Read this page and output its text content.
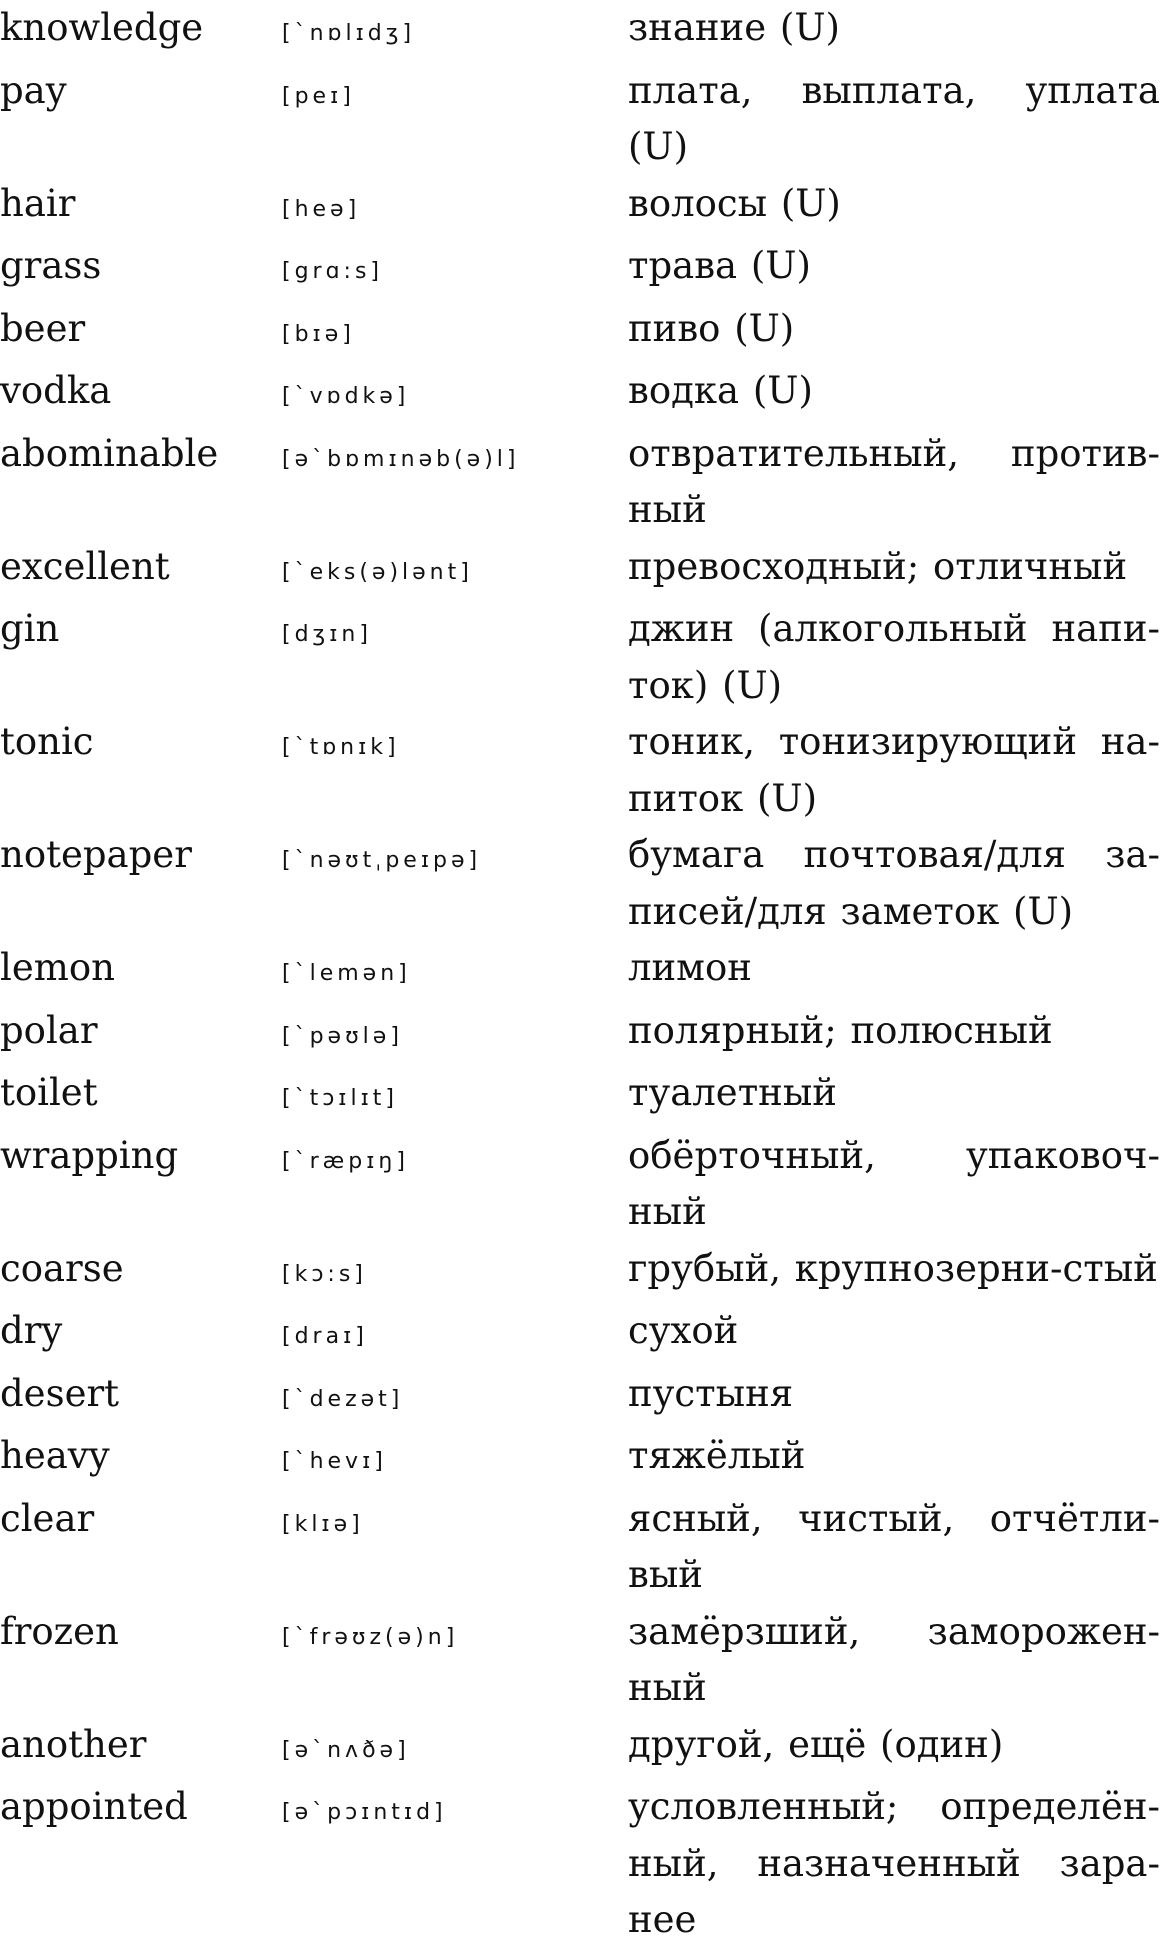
knowledge	[`nɒlɪdʒ]	знание (U)
pay	[peɪ]	плата, выплата, уплата (U)
hair	[heə]	волосы (U)
grass	[grɑ:s]	трава (U)
beer	[bɪə]	пиво (U)
vodka	[`vɒdkə]	водка (U)
abominable	[ə`bɒmɪnəb(ə)l]	отвратительный, против-ный
excellent	[`eks(ə)lənt]	превосходный; отличный
gin	[dʒɪn]	джин (алкогольный напи-ток) (U)
tonic	[`tɒnɪk]	тоник, тонизирующий на-питок (U)
notepaper	[`nəʊtˌpeɪpə]	бумага почтовая/для за-писей/для заметок (U)
lemon	[`lemən]	лимон
polar	[`pəʊlə]	полярный; полюсный
toilet	[`tɔɪlɪt]	туалетный
wrapping	[`ræpɪŋ]	обёрточный, упаковоч-ный
coarse	[kɔ:s]	грубый, крупнозерни-стый
dry	[draɪ]	сухой
desert	[`dezət]	пустыня
heavy	[`hevɪ]	тяжёлый
clear	[klɪə]	ясный, чистый, отчётли-вый
frozen	[`frəʊz(ə)n]	замёрзший, заморожен-ный
another	[ə`nʌðə]	другой, ещё (один)
appointed	[ə`pɔɪntɪd]	условленный; определён-ный, назначенный зара-нее
